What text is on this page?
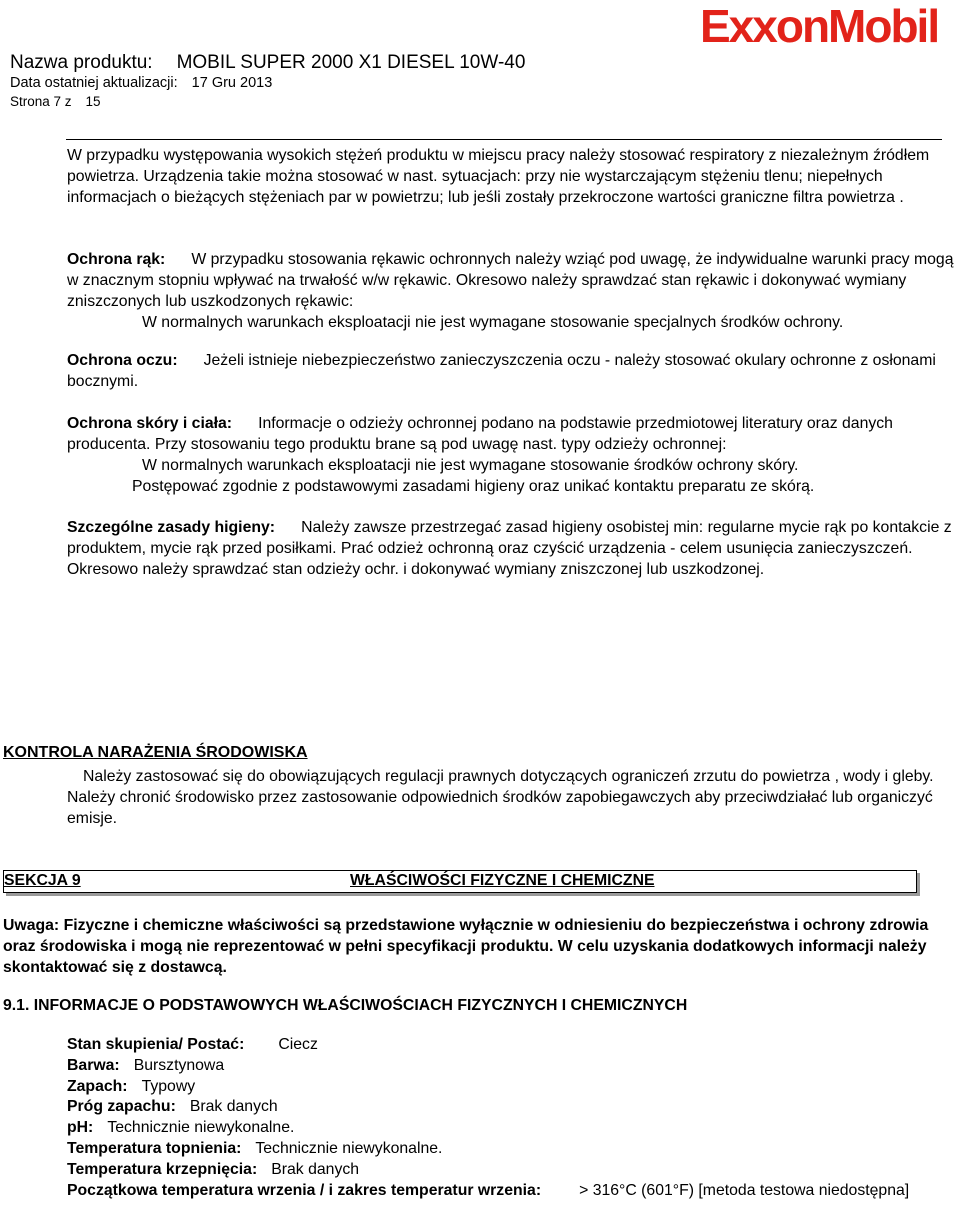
Nazwa produktu: MOBIL SUPER 2000 X1 DIESEL 10W-40
Data ostatniej aktualizacji: 17 Gru 2013
Strona 7 z 15
ExxonMobil
W przypadku występowania wysokich stężeń produktu w miejscu pracy należy stosować respiratory z niezależnym źródłem powietrza. Urządzenia takie można stosować w nast. sytuacjach: przy nie wystarczającym stężeniu tlenu; niepełnych informacjach o bieżących stężeniach par w powietrzu; lub jeśli zostały przekroczone wartości graniczne filtra powietrza .
Ochrona rąk: W przypadku stosowania rękawic ochronnych należy wziąć pod uwagę, że indywidualne warunki pracy mogą w znacznym stopniu wpływać na trwałość w/w rękawic. Okresowo należy sprawdzać stan rękawic i dokonywać wymiany zniszczonych lub uszkodzonych rękawic:
W normalnych warunkach eksploatacji nie jest wymagane stosowanie specjalnych środków ochrony.
Ochrona oczu: Jeżeli istnieje niebezpieczeństwo zanieczyszczenia oczu - należy stosować okulary ochronne z osłonami bocznymi.
Ochrona skóry i ciała: Informacje o odzieży ochronnej podano na podstawie przedmiotowej literatury oraz danych producenta. Przy stosowaniu tego produktu brane są pod uwagę nast. typy odzieży ochronnej:
W normalnych warunkach eksploatacji nie jest wymagane stosowanie środków ochrony skóry.
Postępować zgodnie z podstawowymi zasadami higieny oraz unikać kontaktu preparatu ze skórą.
Szczególne zasady higieny: Należy zawsze przestrzegać zasad higieny osobistej min: regularne mycie rąk po kontakcie z produktem, mycie rąk przed posiłkami. Prać odzież ochronną oraz czyścić urządzenia - celem usunięcia zanieczyszczeń. Okresowo należy sprawdzać stan odzieży ochr. i dokonywać wymiany zniszczonej lub uszkodzonej.
KONTROLA NARAŻENIA ŚRODOWISKA
Należy zastosować się do obowiązujących regulacji prawnych dotyczących ograniczeń zrzutu do powietrza , wody i gleby. Należy chronić środowisko przez zastosowanie odpowiednich środków zapobiegawczych aby przeciwdziałać lub organiczyć emisje.
SEKCJA 9	WŁAŚCIWOŚCI FIZYCZNE I CHEMICZNE
Uwaga: Fizyczne i chemiczne właściwości są przedstawione wyłącznie w odniesieniu do bezpieczeństwa i ochrony zdrowia oraz środowiska i mogą nie reprezentować w pełni specyfikacji produktu. W celu uzyskania dodatkowych informacji należy skontaktować się z dostawcą.
9.1. INFORMACJE O PODSTAWOWYCH WŁAŚCIWOŚCIACH FIZYCZNYCH I CHEMICZNYCH
Stan skupienia/ Postać: Ciecz
Barwa: Bursztynowa
Zapach: Typowy
Próg zapachu: Brak danych
pH: Technicznie niewykonalne.
Temperatura topnienia: Technicznie niewykonalne.
Temperatura krzepnięcia: Brak danych
Początkowa temperatura wrzenia / i zakres temperatur wrzenia: > 316°C (601°F) [metoda testowa niedostępna]
